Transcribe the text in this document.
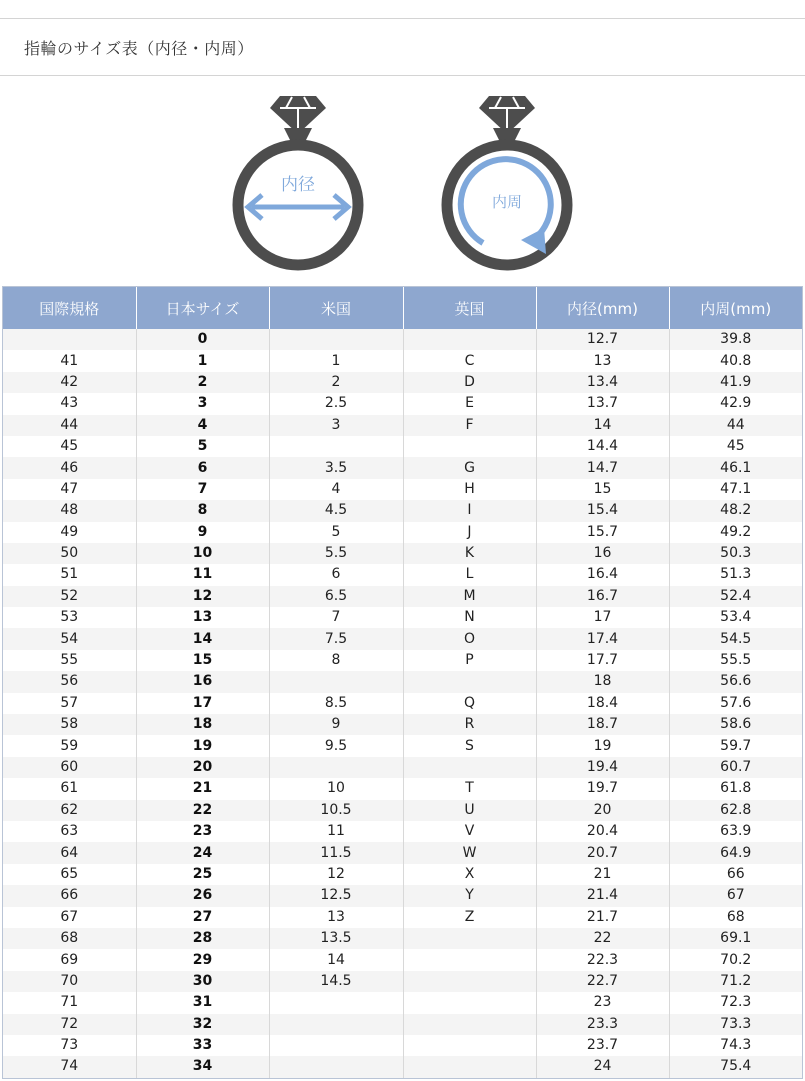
指輪のサイズ表（内径・内周）
内径
内周
国際規格	日本サイズ	米国	英国	内径(mm)	内周(mm)
	0			12.7	39.8
41	1	1	C	13	40.8
42	2	2	D	13.4	41.9
43	3	2.5	E	13.7	42.9
44	4	3	F	14	44
45	5			14.4	45
46	6	3.5	G	14.7	46.1
47	7	4	H	15	47.1
48	8	4.5	I	15.4	48.2
49	9	5	J	15.7	49.2
50	10	5.5	K	16	50.3
51	11	6	L	16.4	51.3
52	12	6.5	M	16.7	52.4
53	13	7	N	17	53.4
54	14	7.5	O	17.4	54.5
55	15	8	P	17.7	55.5
56	16			18	56.6
57	17	8.5	Q	18.4	57.6
58	18	9	R	18.7	58.6
59	19	9.5	S	19	59.7
60	20			19.4	60.7
61	21	10	T	19.7	61.8
62	22	10.5	U	20	62.8
63	23	11	V	20.4	63.9
64	24	11.5	W	20.7	64.9
65	25	12	X	21	66
66	26	12.5	Y	21.4	67
67	27	13	Z	21.7	68
68	28	13.5		22	69.1
69	29	14		22.3	70.2
70	30	14.5		22.7	71.2
71	31			23	72.3
72	32			23.3	73.3
73	33			23.7	74.3
74	34			24	75.4
